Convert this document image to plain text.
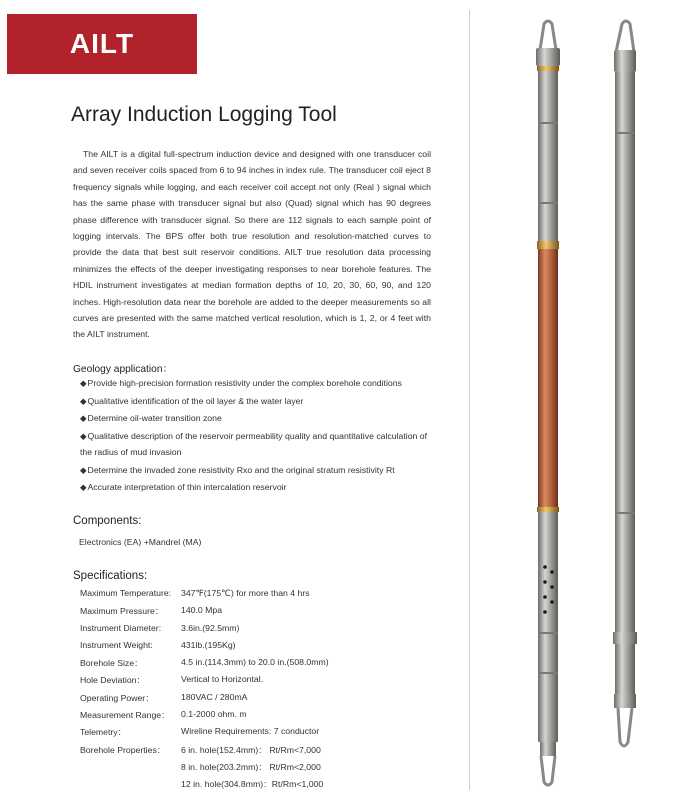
AILT
Array Induction Logging Tool
The AILT is a digital full-spectrum induction device and designed with one transducer coil and seven receiver coils spaced from 6 to 94 inches in index rule. The transducer coil eject 8 frequency signals while logging, and each receiver coil accept not only (Real ) signal which has the same phase with transducer signal but also (Quad) signal which has 90 degrees phase difference with transducer signal. So there are 112 signals to each sample point of logging intervals. The BPS offer both true resolution and resolution-matched curves to provide the data that best suit reservoir conditions. AILT true resolution data processing minimizes the effects of the deeper investigating responses to near borehole features. The HDIL instrument investigates at median formation depths of 10, 20, 30, 60, 90, and 120 inches. High-resolution data near the borehole are added to the deeper measurements so all curves are presented with the same matched vertical resolution, which is 1, 2, or 4 feet with the AILT instrument.
Geology application：
◆Provide high-precision formation resistivity under the complex borehole conditions
◆Qualitative identification of the oil layer & the water layer
◆Determine oil-water transition zone
◆Qualitative description of the reservoir permeability quality and quantitative calculation of the radius of mud invasion
◆Determine the invaded zone resistivity Rxo and the original stratum resistivity Rt
◆Accurate interpretation of thin intercalation reservoir
Components:
Electronics (EA) +Mandrel (MA)
Specifications:
Maximum Temperature: 347℉(175℃) for more than 4 hrs
Maximum Pressure： 140.0 Mpa
Instrument Diameter: 3.6in.(92.5mm)
Instrument Weight:	431lb.(195Kg)
Borehole Size：	4.5 in.(114.3mm) to 20.0 in.(508.0mm)
Hole Deviation：	Vertical to Horizontal.
Operating Power：	180VAC / 280mA
Measurement Range： 0.1-2000 ohm. m
Telemetry：	Wireline Requirements: 7 conductor
Borehole Properties： 6 in. hole(152.4mm)： Rt/Rm<7,000
8 in. hole(203.2mm)： Rt/Rm<2,000
12 in. hole(304.8mm)：Rt/Rm<1,000
